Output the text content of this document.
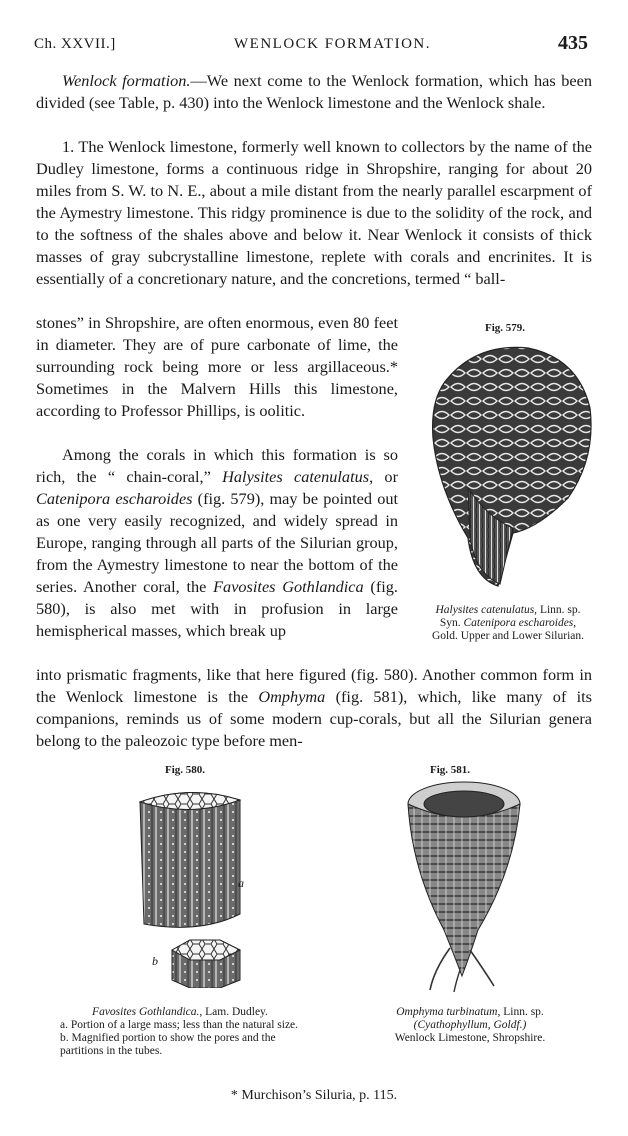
Ch. XXVII.]	WENLOCK FORMATION.	435

Wenlock formation.—We next come to the Wenlock formation, which has been divided (see Table, p. 430) into the Wenlock limestone and the Wenlock shale.

1. The Wenlock limestone, formerly well known to collectors by the name of the Dudley limestone, forms a continuous ridge in Shropshire, ranging for about 20 miles from S. W. to N. E., about a mile distant from the nearly parallel escarpment of the Aymestry limestone. This ridgy prominence is due to the solidity of the rock, and to the softness of the shales above and below it. Near Wenlock it consists of thick masses of gray subcrystalline limestone, replete with corals and encrinites. It is essentially of a concretionary nature, and the concretions, termed “ ball-

stones” in Shropshire, are often enormous, even 80 feet in diameter. They are of pure carbonate of lime, the surrounding rock being more or less argillaceous.* Sometimes in the Malvern Hills this limestone, according to Professor Phillips, is oolitic.

Among the corals in which this formation is so rich, the “ chain-coral,” Halysites catenulatus, or Catenipora escharoides (fig. 579), may be pointed out as one very easily recognized, and widely spread in Europe, ranging through all parts of the Silurian group, from the Aymestry limestone to near the bottom of the series. Another coral, the Favosites Gothlandica (fig. 580), is also met with in profusion in large hemispherical masses, which break up

into prismatic fragments, like that here figured (fig. 580). Another common form in the Wenlock limestone is the Omphyma (fig. 581), which, like many of its companions, reminds us of some modern cup-corals, but all the Silurian genera belong to the paleozoic type before men-

Fig. 579.
Halysites catenulatus, Linn. sp.
Syn. Catenipora escharoides,
Gold. Upper and Lower Silurian.
Fig. 580.
a
b
Favosites Gothlandica., Lam. Dudley.
a. Portion of a large mass; less than the natural size.
b. Magnified portion to show the pores and the partitions in the tubes.
Fig. 581.
Omphyma turbinatum, Linn. sp.
(Cyathophyllum, Goldf.)
Wenlock Limestone, Shropshire.
* Murchison’s Siluria, p. 115.
